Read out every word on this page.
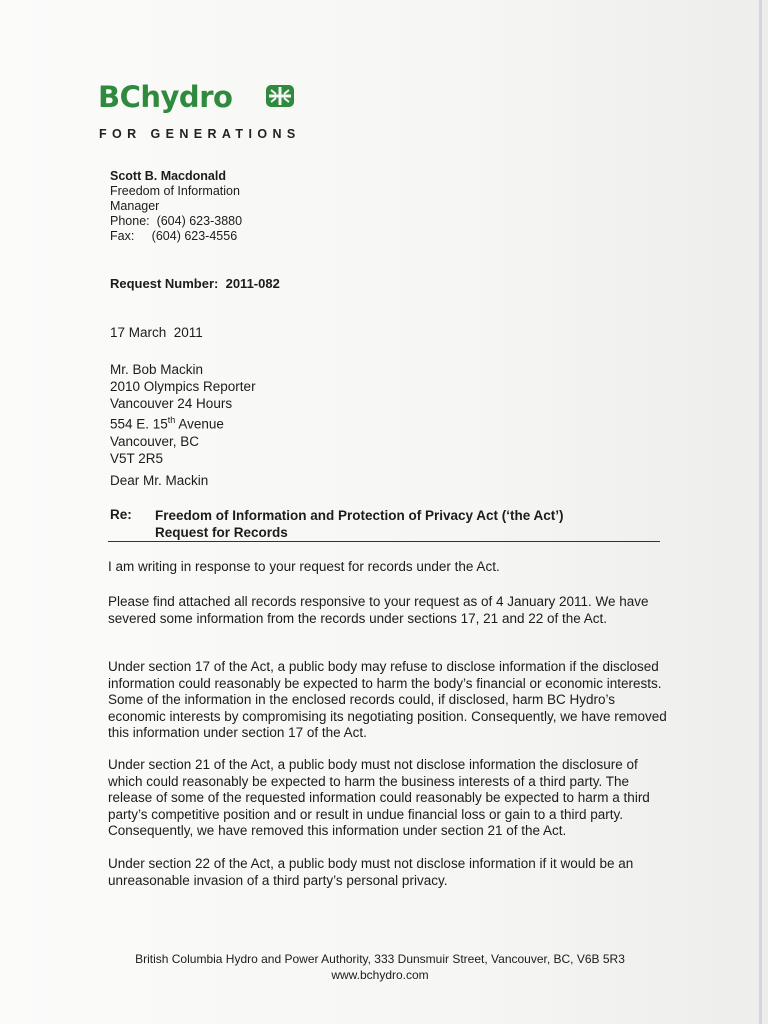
BChydro
FOR GENERATIONS
Scott B. Macdonald
Freedom of Information
Manager
Phone:  (604) 623-3880
Fax:     (604) 623-4556
Request Number: 2011-082
17 March  2011
Mr. Bob Mackin
2010 Olympics Reporter
Vancouver 24 Hours
554 E. 15th Avenue
Vancouver, BC
V5T 2R5
Dear Mr. Mackin
Re: Freedom of Information and Protection of Privacy Act (‘the Act’)
Request for Records
I am writing in response to your request for records under the Act.
Please find attached all records responsive to your request as of 4 January 2011. We have severed some information from the records under sections 17, 21 and 22 of the Act.
Under section 17 of the Act, a public body may refuse to disclose information if the disclosed information could reasonably be expected to harm the body’s financial or economic interests. Some of the information in the enclosed records could, if disclosed, harm BC Hydro’s economic interests by compromising its negotiating position. Consequently, we have removed this information under section 17 of the Act.
Under section 21 of the Act, a public body must not disclose information the disclosure of which could reasonably be expected to harm the business interests of a third party. The release of some of the requested information could reasonably be expected to harm a third party’s competitive position and or result in undue financial loss or gain to a third party. Consequently, we have removed this information under section 21 of the Act.
Under section 22 of the Act, a public body must not disclose information if it would be an unreasonable invasion of a third party’s personal privacy.
British Columbia Hydro and Power Authority, 333 Dunsmuir Street, Vancouver, BC, V6B 5R3
www.bchydro.com
